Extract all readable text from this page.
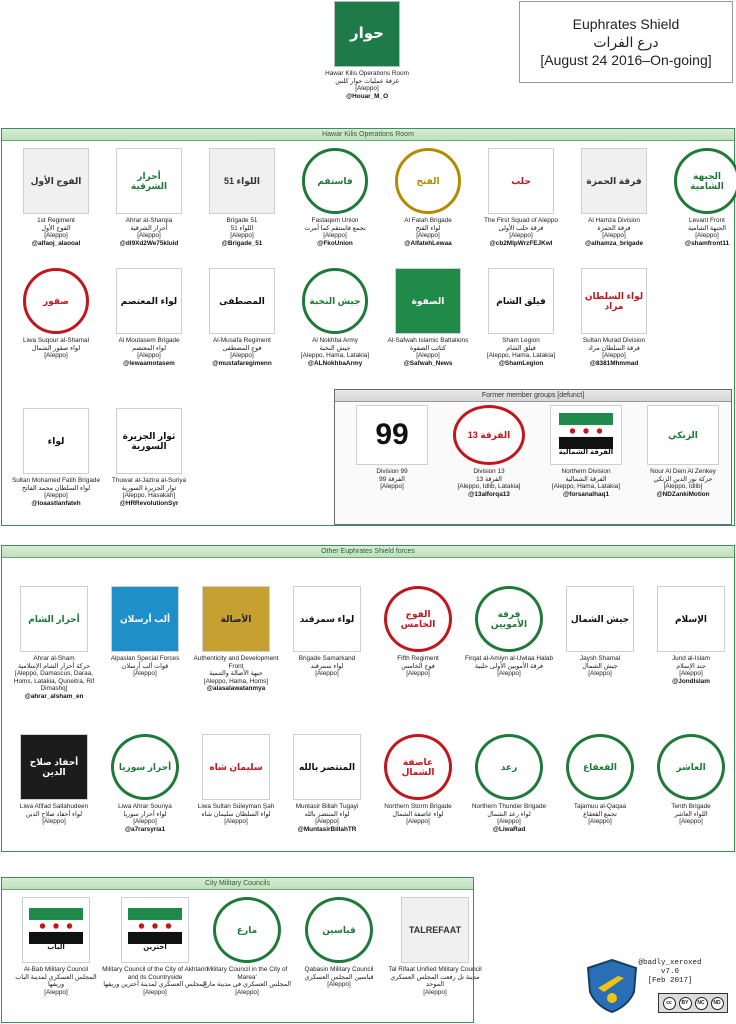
Euphrates Shield
درع الفرات
[August 24 2016–On-going]
حوار
Hawar Kilis Operations Room
غرفة عمليات حوار كلس
[Aleppo]
@Houar_M_O
Hawar Kilis Operations Room
Former member groups [defunct]
Other Euphrates Shield forces
City Military Councils
الفوج الأول
1st Regiment
الفوج الأول
[Aleppo]
@alfaoj_alaooal
أحرار الشرقية
Ahrar al-Sharqia
أحرار الشرقية
[Aleppo]
@dl9Xd2We75kluid
اللواء 51
Brigade 51
اللواء 51
[Aleppo]
@Brigade_51
فاستقم
Fastaqem Union
تجمع فاستقم كما أمرت
[Aleppo]
@FkoUnion
الفتح
Al Fatah Brigade
لواء الفتح
[Aleppo]
@AlfatehLewaa
حلب
The First Squad of Aleppo
فرقة حلب الأولى
[Aleppo]
@cb2MlpWrzFEJKwl
فرقة الحمزة
Al Hamza Division
فرقة الحمزة
[Aleppo]
@alhamza_brigade
الجبهة الشامية
Levant Front
الجبهة الشامية
[Aleppo]
@shamfront11
صقور
Liwa Suqour al-Shamal
لواء صقور الشمال
[Aleppo]
لواء المعتصم
Al Moutasem Brigade
لواء المعتصم
[Aleppo]
@lewaamotasem
المصطفى
Al-Musafa Regiment
فوج المصطفى
[Aleppo]
@mustafaregimenn
جيش النخبة
Al Nokhba Army
جيش النخبة
[Aleppo, Hama, Latakia]
@ALNokhbaArmy
الصفوة
Al-Safwah Islamic Battalions
كتائب الصفوة
[Aleppo]
@Safwah_News
فيلق الشام
Sham Legion
فيلق الشام
[Aleppo, Hama, Latakia]
@ShamLegion
لواء السلطان مراد
Sultan Murad Division
فرقة السلطان مراد
[Aleppo]
@8381Mhmmad
لواء
Sultan Mohamed Fatih Brigade
لواء السلطان محمد الفاتح
[Aleppo]
@loaastlanfateh
ثوار الجزيرة السورية
Thuwar al-Jazira al-Suriya
ثوار الجزيرة السورية
[Aleppo, Hasakah]
@HRRevolutionSyr
99
Division 99
الفرقة 99
[Aleppo]
الفرقة 13
Division 13
الفرقة 13
[Aleppo, Idlib, Latakia]
@13alforqa13
الفرقة الشمالية
Northern Division
الفرقة الشمالية
[Aleppo, Hama, Latakia]
@forsanalhaq1
الزنكي
Nour Al Dein Al Zenkey
حركة نور الدين الزنكي
[Aleppo, Idlib]
@NDZankiMotion
أحرار الشام
Ahrar al-Sham
حركة أحرار الشام الإسلامية
[Aleppo, Damascus, Daraa, Homs, Latakia, Quneitra, Rif Dimashq]
@ahrar_alsham_en
ألب أرسلان
Alpaslan Special Forces
قوات ألب أرسلان
[Aleppo]
الأصالة
Authenticity and Development Front
جبهة الأصالة والتنمية
[Aleppo, Hama, Homs]
@alasalawatanmya
لواء سمرقند
Brigade Samarkand
لواء سمرقند
[Aleppo]
الفوج الخامس
Fifth Regiment
فوج الخامس
[Aleppo]
فرقة الأمويين
Firqat al-Amiyn al-Uwlaa Halab
فرقة الأمويين الأولى حلبية
[Aleppo]
جيش الشمال
Jaysh Shamal
جيش الشمال
[Aleppo]
الإسلام
Jund al-Islam
جند الإسلام
[Aleppo]
@JondIslam
أحفاد صلاح الدين
Liwa Afifad Sallahudeen
لواء أحفاد صلاح الدين
[Aleppo]
أحرار سوريا
Liwa Ahrar Souriya
لواء أحرار سوريا
[Aleppo]
@a7rarsyria1
سليمان شاه
Liwa Sultan Süleyman Şah
لواء السلطان سليمان شاه
[Aleppo]
المنتصر بالله
Muntasir Billah Tugayi
لواء المنتصر بالله
[Aleppo]
@MuntasirBillahTR
عاصفة الشمال
Northern Storm Brigade
لواء عاصفة الشمال
[Aleppo]
رعد
Northern Thunder Brigade
لواء رعد الشمال
[Aleppo]
@LiwaRad
القعقاع
Tajamuu al-Qaqaa
تجمع القعقاع
[Aleppo]
العاشر
Tenth Brigade
اللواء العاشر
[Aleppo]
الباب
Al-Bab Military Council
المجلس العسكري لمدينة الباب وريفها
[Aleppo]
أخترين
Military Council of the City of Akhtarin and its Countryside
المجلس العسكري لمدينة أخترين وريفها
[Aleppo]
مارع
Military Council in the City of Marea'
المجلس العسكري في مدينة مارع
[Aleppo]
قباسين
Qabasin Military Council
قباسين المجلس العسكري
[Aleppo]
TALREFAAT
Tal Rifaat Unified Military Council
مدينة تل رفعت المجلس العسكري الموحد
[Aleppo]
@badly_xeroxed
v7.0
[Feb 2017]
cc	BY	NC	ND
